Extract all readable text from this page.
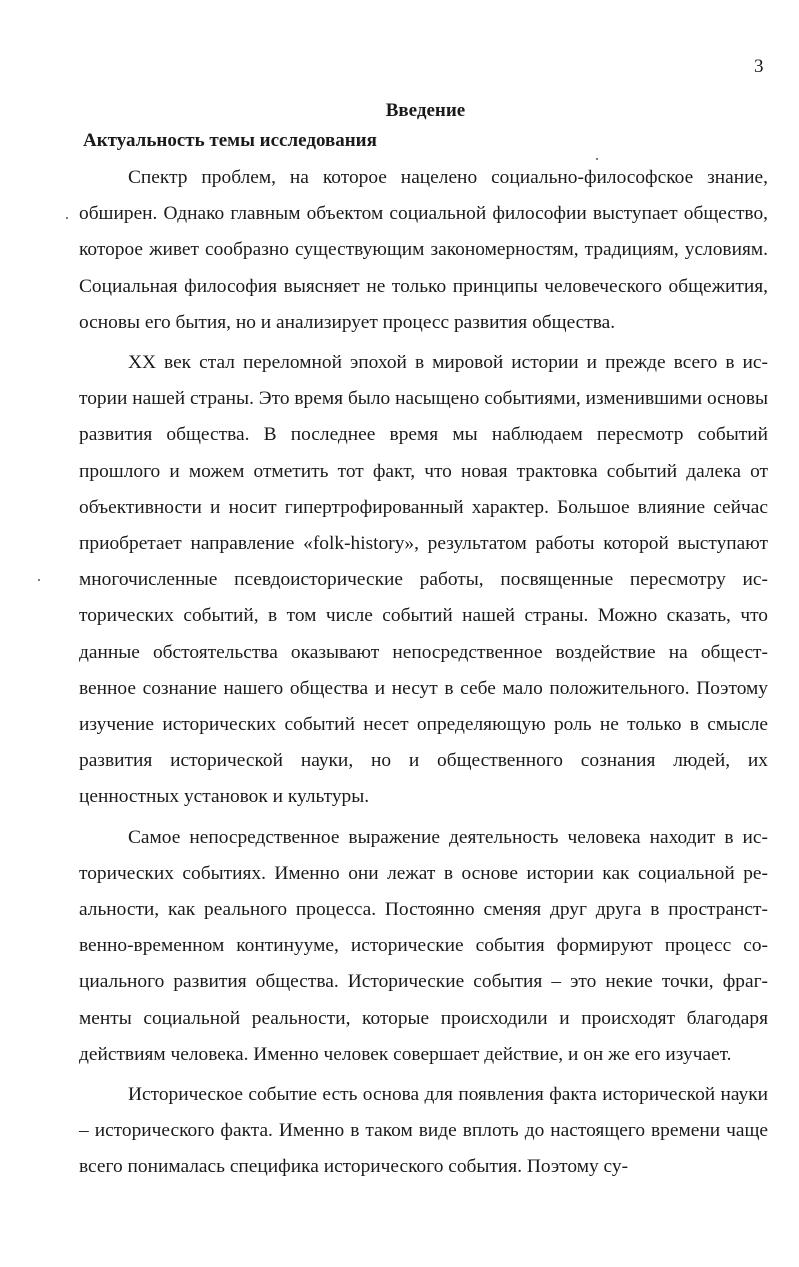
3
Введение
Актуальность темы исследования

Спектр проблем, на которое нацелено социально-философское знание, обширен. Однако главным объектом социальной философии выступает общество, которое живет сообразно существующим закономерностям, традициям, условиям. Социальная философия выясняет не только принципы человеческого общежития, основы его бытия, но и анализирует процесс развития общества.

XX век стал переломной эпохой в мировой истории и прежде всего в истории нашей страны. Это время было насыщено событиями, изменившими основы развития общества. В последнее время мы наблюдаем пересмотр событий прошлого и можем отметить тот факт, что новая трактовка событий далека от объективности и носит гипертрофированный характер. Большое влияние сейчас приобретает направление «folk-history», результатом работы которой выступают многочисленные псевдоисторические работы, посвященные пересмотру исторических событий, в том числе событий нашей страны. Можно сказать, что данные обстоятельства оказывают непосредственное воздействие на общественное сознание нашего общества и несут в себе мало положительного. Поэтому изучение исторических событий несет определяющую роль не только в смысле развития исторической науки, но и общественного сознания людей, их ценностных установок и культуры.

Самое непосредственное выражение деятельность человека находит в исторических событиях. Именно они лежат в основе истории как социальной реальности, как реального процесса. Постоянно сменяя друг друга в пространственно-временном континууме, исторические события формируют процесс социального развития общества. Исторические события – это некие точки, фрагменты социальной реальности, которые происходили и происходят благодаря действиям человека. Именно человек совершает действие, и он же его изучает.

Историческое событие есть основа для появления факта исторической науки – исторического факта. Именно в таком виде вплоть до настоящего времени чаще всего понималась специфика исторического события. Поэтому су-
